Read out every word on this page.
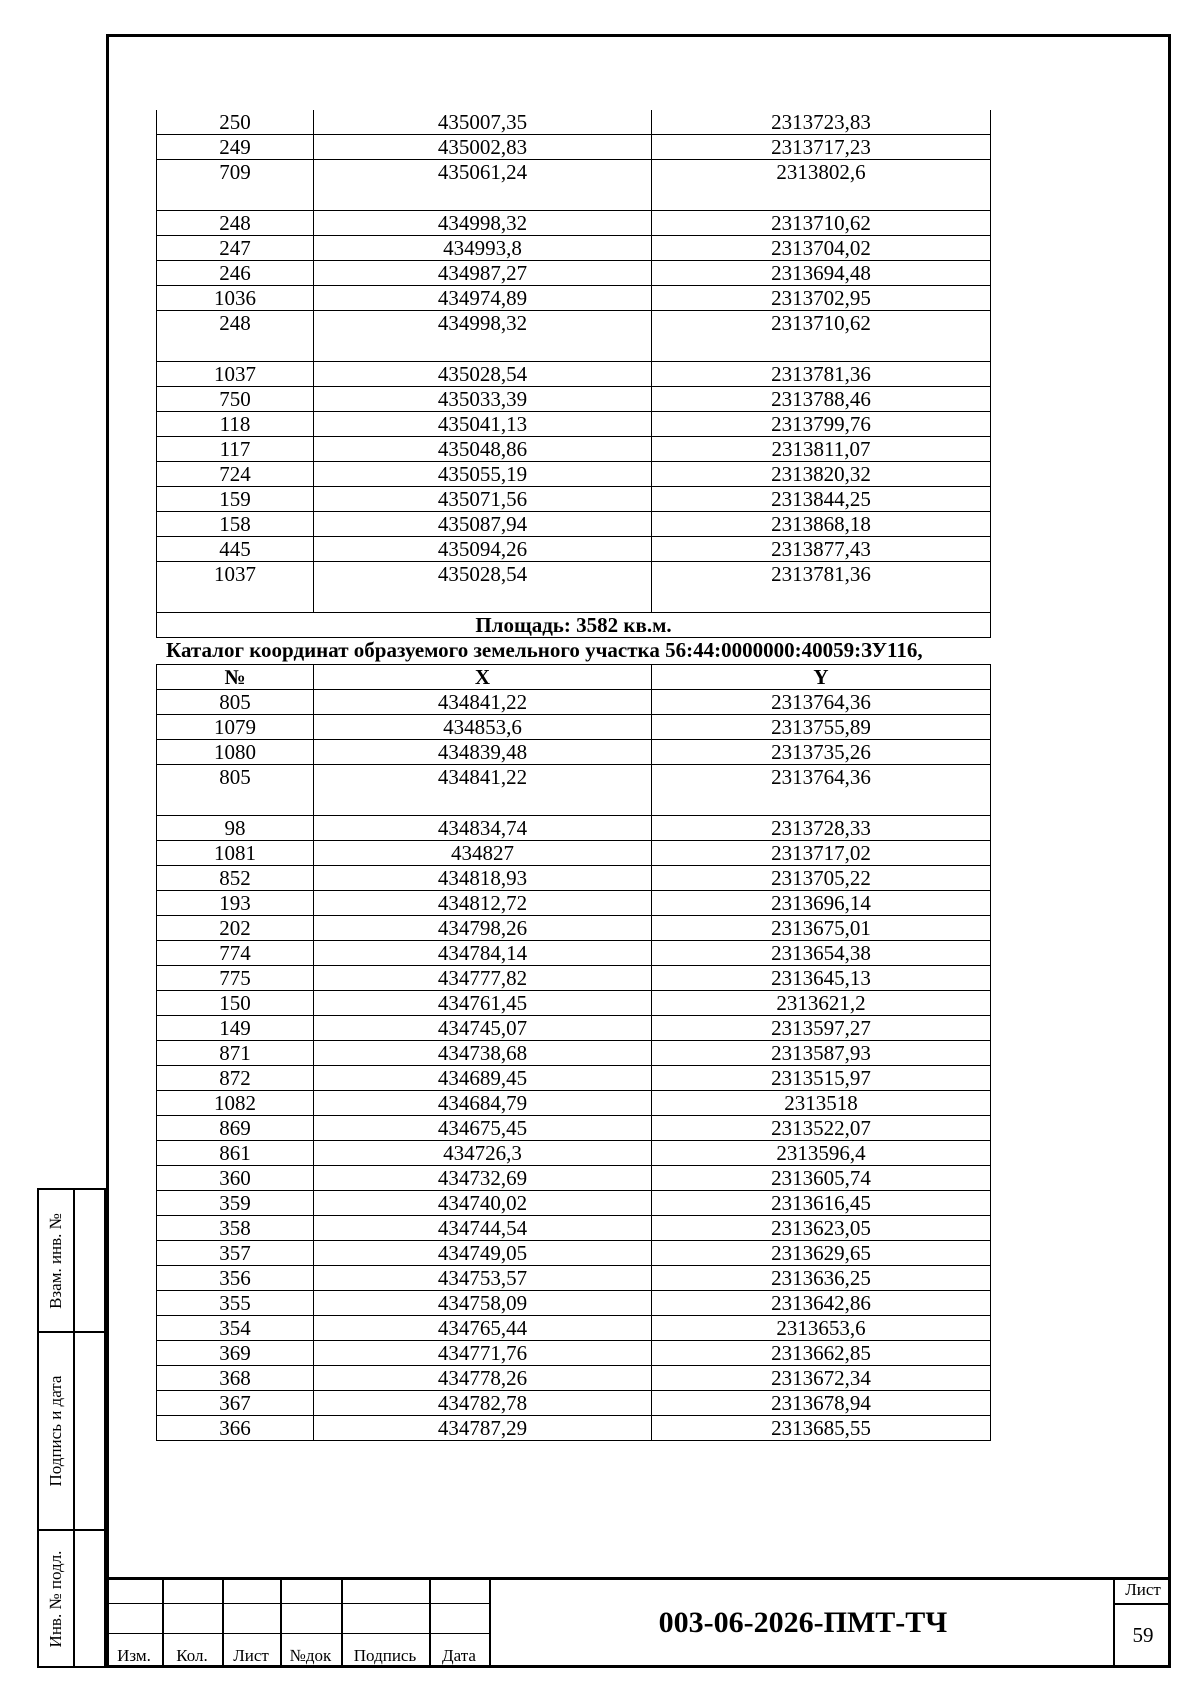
250	435007,35	2313723,83
249	435002,83	2313717,23
709	435061,24	2313802,6
248	434998,32	2313710,62
247	434993,8	2313704,02
246	434987,27	2313694,48
1036	434974,89	2313702,95
248	434998,32	2313710,62
1037	435028,54	2313781,36
750	435033,39	2313788,46
118	435041,13	2313799,76
117	435048,86	2313811,07
724	435055,19	2313820,32
159	435071,56	2313844,25
158	435087,94	2313868,18
445	435094,26	2313877,43
1037	435028,54	2313781,36
Площадь: 3582 кв.м.		
Каталог координат образуемого земельного участка 56:44:0000000:40059:ЗУ116,
№	X	Y
805	434841,22	2313764,36
1079	434853,6	2313755,89
1080	434839,48	2313735,26
805	434841,22	2313764,36
98	434834,74	2313728,33
1081	434827	2313717,02
852	434818,93	2313705,22
193	434812,72	2313696,14
202	434798,26	2313675,01
774	434784,14	2313654,38
775	434777,82	2313645,13
150	434761,45	2313621,2
149	434745,07	2313597,27
871	434738,68	2313587,93
872	434689,45	2313515,97
1082	434684,79	2313518
869	434675,45	2313522,07
861	434726,3	2313596,4
360	434732,69	2313605,74
359	434740,02	2313616,45
358	434744,54	2313623,05
357	434749,05	2313629,65
356	434753,57	2313636,25
355	434758,09	2313642,86
354	434765,44	2313653,6
369	434771,76	2313662,85
368	434778,26	2313672,34
367	434782,78	2313678,94
366	434787,29	2313685,55
Взам. инв. №
Подпись и дата
Инв. № подл.
Изм.	Кол.	Лист	№док	Подпись	Дата
003-06-2026-ПМТ-ТЧ
Лист
59
